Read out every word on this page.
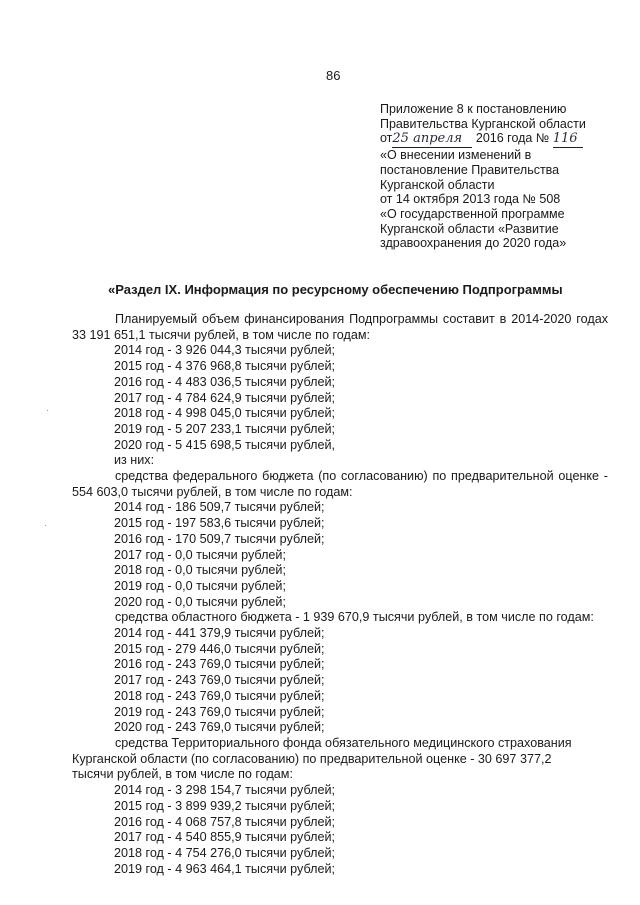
86
Приложение 8 к постановлению
Правительства Курганской области
от25 апреля 2016 года № 116
«О внесении изменений в
постановление Правительства
Курганской области
от 14 октября 2013 года № 508
«О государственной программе
Курганской области «Развитие
здравоохранения до 2020 года»
«Раздел IX. Информация по ресурсному обеспечению Подпрограммы
Планируемый объем финансирования Подпрограммы составит в 2014-2020 годах 33 191 651,1 тысячи рублей, в том числе по годам:
2014 год - 3 926 044,3 тысячи рублей;
2015 год - 4 376 968,8 тысячи рублей;
2016 год - 4 483 036,5 тысячи рублей;
2017 год - 4 784 624,9 тысячи рублей;
2018 год - 4 998 045,0 тысячи рублей;
2019 год - 5 207 233,1 тысячи рублей;
2020 год - 5 415 698,5 тысячи рублей,
из них:
средства федерального бюджета (по согласованию) по предварительной оценке - 554 603,0 тысячи рублей, в том числе по годам:
2014 год - 186 509,7 тысячи рублей;
2015 год - 197 583,6 тысячи рублей;
2016 год - 170 509,7 тысячи рублей;
2017 год - 0,0 тысячи рублей;
2018 год - 0,0 тысячи рублей;
2019 год - 0,0 тысячи рублей;
2020 год - 0,0 тысячи рублей;
средства областного бюджета - 1 939 670,9 тысячи рублей, в том числе по годам:
2014 год - 441 379,9 тысячи рублей;
2015 год - 279 446,0 тысячи рублей;
2016 год - 243 769,0 тысячи рублей;
2017 год - 243 769,0 тысячи рублей;
2018 год - 243 769,0 тысячи рублей;
2019 год - 243 769,0 тысячи рублей;
2020 год - 243 769,0 тысячи рублей;
средства Территориального фонда обязательного медицинского страхования
Курганской области (по согласованию) по предварительной оценке - 30 697 377,2
тысячи рублей, в том числе по годам:
2014 год - 3 298 154,7 тысячи рублей;
2015 год - 3 899 939,2 тысячи рублей;
2016 год - 4 068 757,8 тысячи рублей;
2017 год - 4 540 855,9 тысячи рублей;
2018 год - 4 754 276,0 тысячи рублей;
2019 год - 4 963 464,1 тысячи рублей;
·
·
